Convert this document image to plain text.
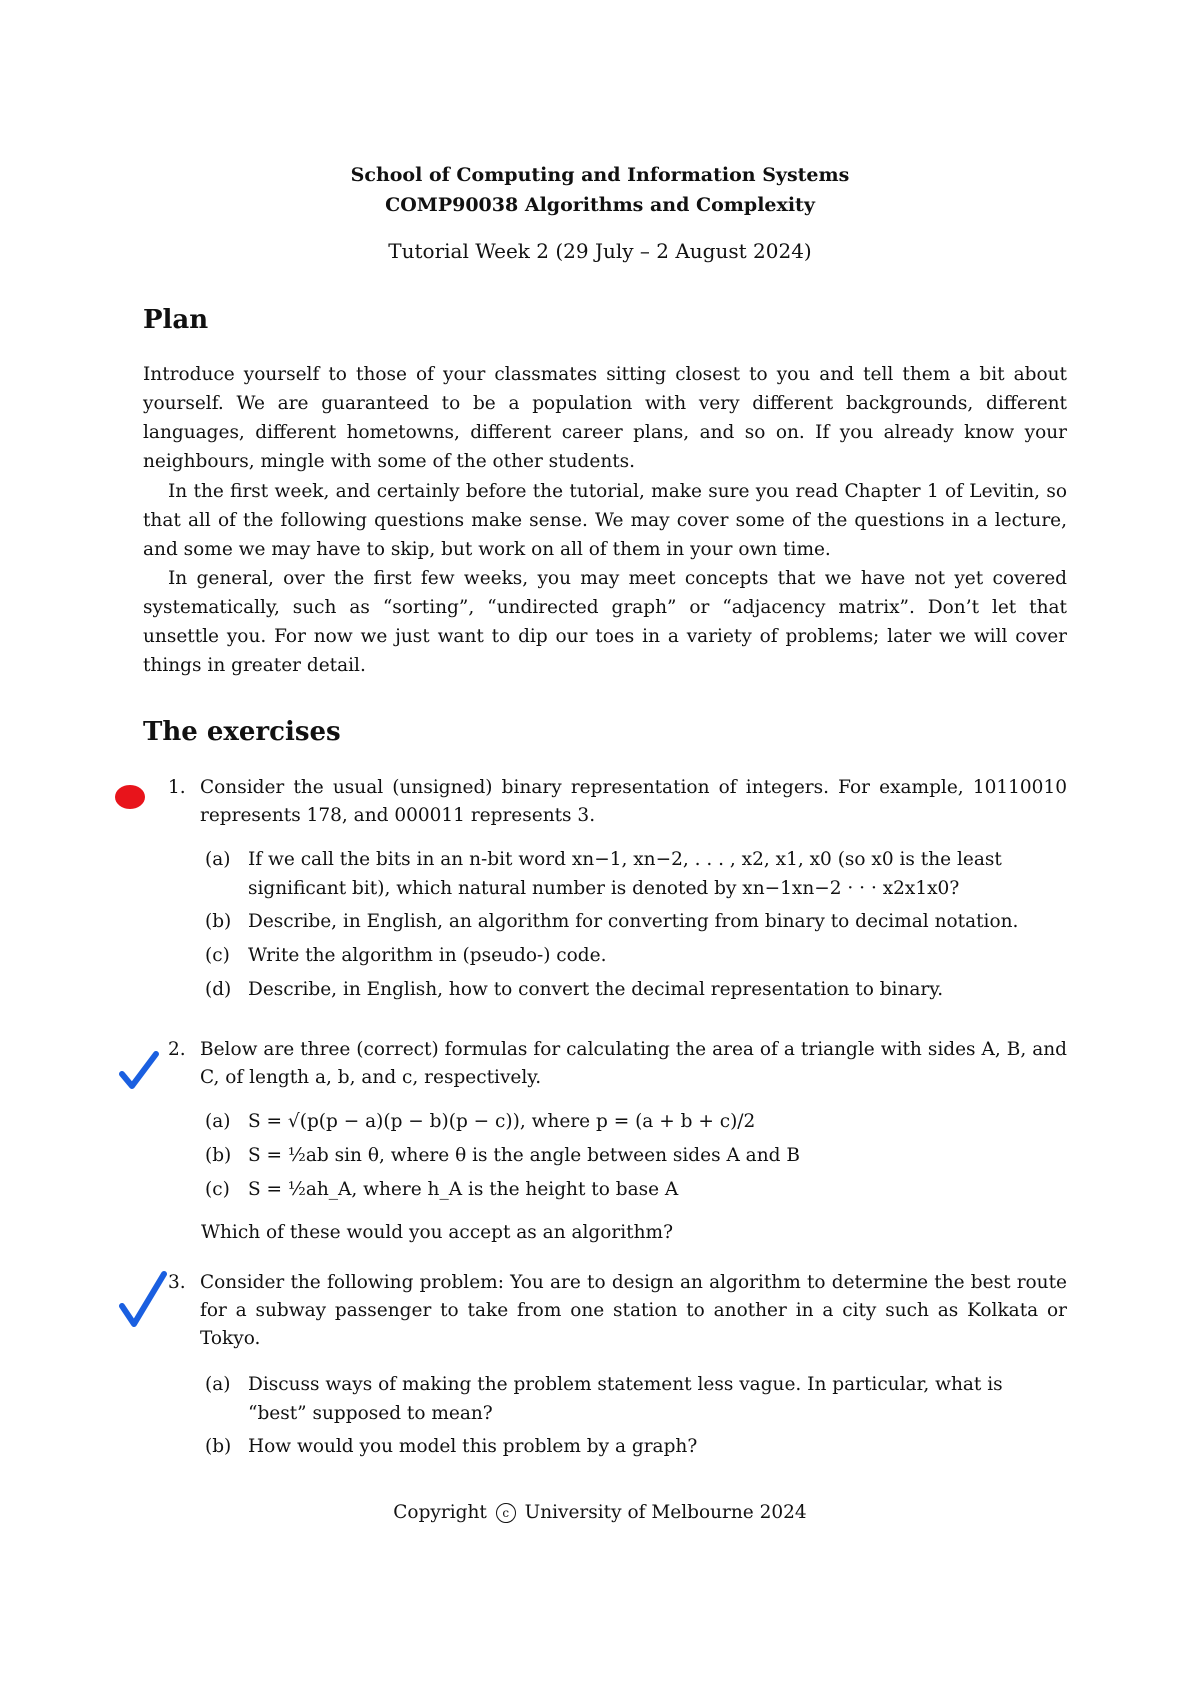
School of Computing and Information Systems
COMP90038 Algorithms and Complexity
Tutorial Week 2 (29 July – 2 August 2024)
Plan

Introduce yourself to those of your classmates sitting closest to you and tell them a bit about yourself. We are guaranteed to be a population with very different backgrounds, different languages, different hometowns, different career plans, and so on. If you already know your neighbours, mingle with some of the other students.

In the first week, and certainly before the tutorial, make sure you read Chapter 1 of Levitin, so that all of the following questions make sense. We may cover some of the questions in a lecture, and some we may have to skip, but work on all of them in your own time.

In general, over the first few weeks, you may meet concepts that we have not yet covered systematically, such as “sorting”, “undirected graph” or “adjacency matrix”. Don’t let that unsettle you. For now we just want to dip our toes in a variety of problems; later we will cover things in greater detail.

The exercises
1. Consider the usual (unsigned) binary representation of integers. For example, 10110010 represents 178, and 000011 represents 3.
(a) If we call the bits in an n-bit word xn−1, xn−2, . . . , x2, x1, x0 (so x0 is the least significant bit), which natural number is denoted by xn−1xn−2 · · · x2x1x0?
(b) Describe, in English, an algorithm for converting from binary to decimal notation.
(c) Write the algorithm in (pseudo-) code.
(d) Describe, in English, how to convert the decimal representation to binary.
2. Below are three (correct) formulas for calculating the area of a triangle with sides A, B, and C, of length a, b, and c, respectively.
(a) S = √(p(p − a)(p − b)(p − c)), where p = (a + b + c)/2
(b) S = ½ab sin θ, where θ is the angle between sides A and B
(c) S = ½ah_A, where h_A is the height to base A
Which of these would you accept as an algorithm?
3. Consider the following problem: You are to design an algorithm to determine the best route for a subway passenger to take from one station to another in a city such as Kolkata or Tokyo.
(a) Discuss ways of making the problem statement less vague. In particular, what is “best” supposed to mean?
(b) How would you model this problem by a graph?
Copyright c University of Melbourne 2024
